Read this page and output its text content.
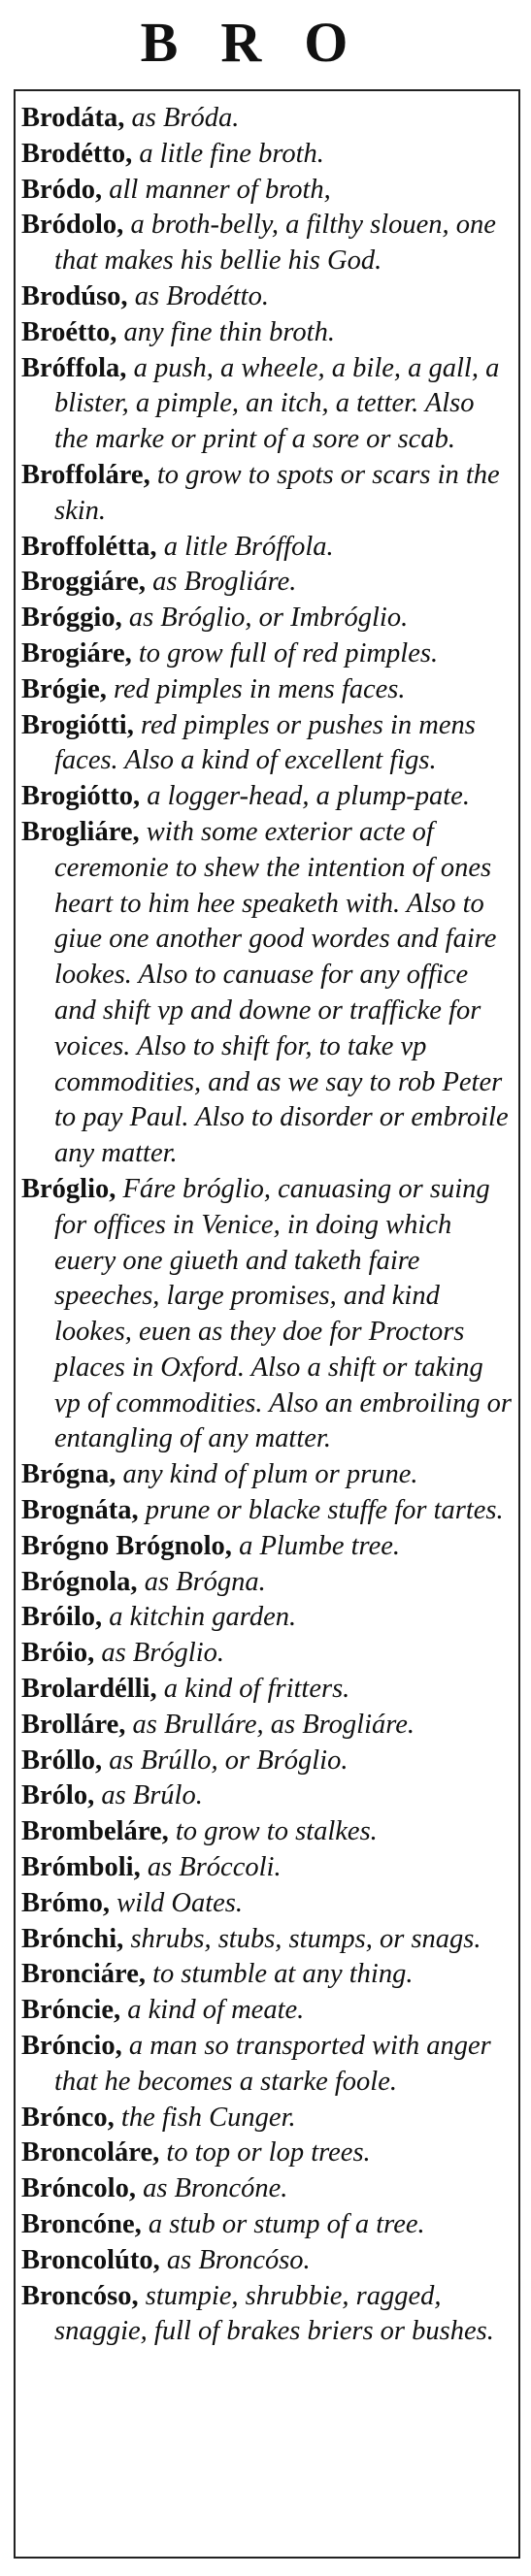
BRO

Brodáta, as Bróda.

Brodétto, a litle fine broth.

Bródo, all manner of broth,

Bródolo, a broth-belly, a filthy slouen, one that makes his bellie his God.

Brodúso, as Brodétto.

Broétto, any fine thin broth.

Bróffola, a push, a wheele, a bile, a gall, a blister, a pimple, an itch, a tetter. Also the marke or print of a sore or scab.

Broffoláre, to grow to spots or scars in the skin.

Broffolétta, a litle Bróffola.

Broggiáre, as Brogliáre.

Bróggio, as Bróglio, or Imbróglio.

Brogiáre, to grow full of red pimples.

Brógie, red pimples in mens faces.

Brogiótti, red pimples or pushes in mens faces. Also a kind of excellent figs.

Brogiótto, a logger-head, a plump-pate.

Brogliáre, with some exterior acte of ceremonie to shew the intention of ones heart to him hee speaketh with. Also to giue one another good wordes and faire lookes. Also to canuase for any office and shift vp and downe or trafficke for voices. Also to shift for, to take vp commodities, and as we say to rob Peter to pay Paul. Also to disorder or embroile any matter.

Bróglio, Fáre bróglio, canuasing or suing for offices in Venice, in doing which euery one giueth and taketh faire speeches, large promises, and kind lookes, euen as they doe for Proctors places in Oxford. Also a shift or taking vp of commodities. Also an embroiling or entangling of any matter.

Brógna, any kind of plum or prune.

Brognáta, prune or blacke stuffe for tartes.

Brógno Brógnolo, a Plumbe tree.

Brógnola, as Brógna.

Bróilo, a kitchin garden.

Bróio, as Bróglio.

Brolardélli, a kind of fritters.

Brolláre, as Brulláre, as Brogliáre.

Bróllo, as Brúllo, or Bróglio.

Brólo, as Brúlo.

Brombeláre, to grow to stalkes.

Brómboli, as Bróccoli.

Brómo, wild Oates.

Brónchi, shrubs, stubs, stumps, or snags.

Bronciáre, to stumble at any thing.

Bróncie, a kind of meate.

Bróncio, a man so transported with anger that he becomes a starke foole.

Brónco, the fish Cunger.

Broncoláre, to top or lop trees.

Bróncolo, as Broncóne.

Broncóne, a stub or stump of a tree.

Broncolúto, as Broncóso.

Broncóso, stumpie, shrubbie, ragged, snaggie, full of brakes briers or bushes.
